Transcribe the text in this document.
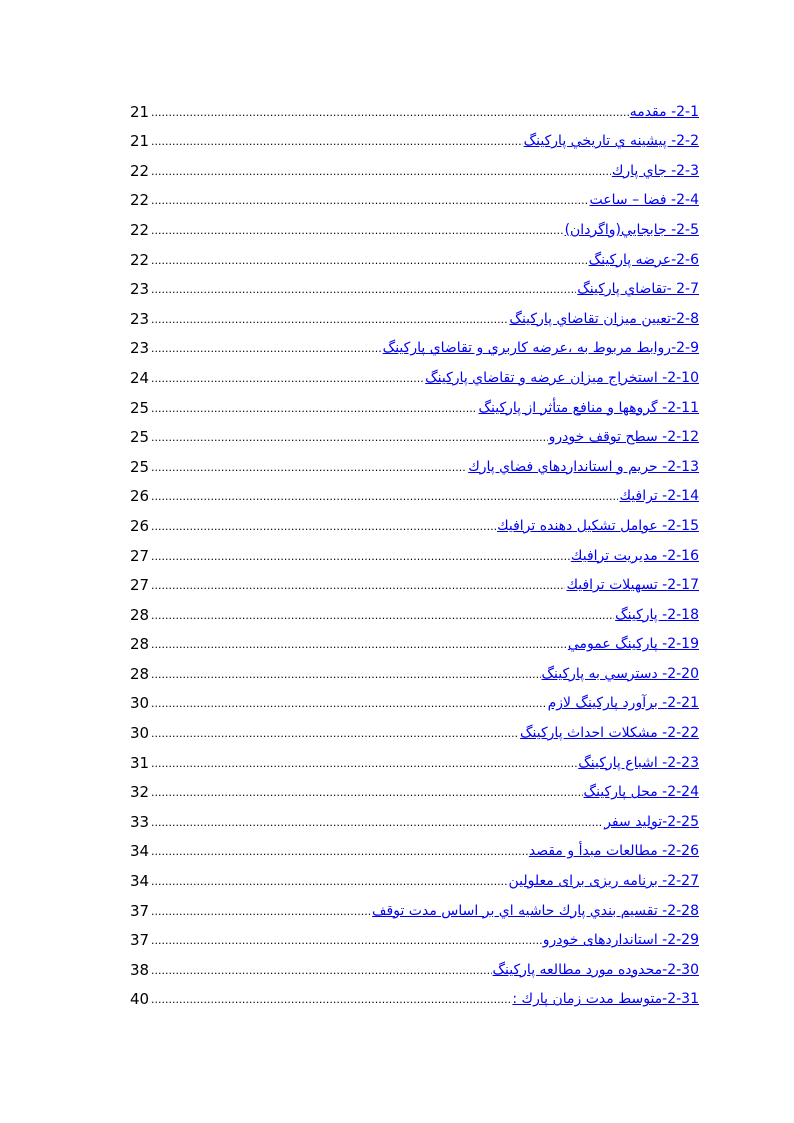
21 .....	2-1- مقدمه
21 .....	2-2- پيشينه ي تاريخي پاركينگ
22 .....	2-3- جاي پارك
22 .....	2-4- فضا – ساعت
22 .....	2-5- جابجايي(واگردان)
22 .....	2-6-عرضه پاركينگ
23 .....	2-7 -تقاضاي پاركينگ
23 .....	2-8-تعيين ميزان تقاضاي پاركينگ
23 .....	2-9-روابط مربوط به ،عرضه كاربري و تقاضاي پاركينگ
24 .....	2-10- استخراج ميزان عرضه و تقاضاي پاركينگ
25 .....	2-11- گروهها و منافع متأثر از پاركينگ
25 .....	2-12- سطح توقف خودرو
25 .....	2-13- حريم و استانداردهاي فضاي پارك
26 .....	2-14- ترافيك
26 .....	2-15- عوامل تشكيل دهنده ترافيك
27 .....	2-16- مديريت ترافيك
27 .....	2-17- تسهيلات ترافيك
28 .....	2-18- پاركينگ
28 .....	2-19- پاركينگ عمومي
28 .....	2-20- دسترسي به پاركينگ
30 .....	2-21- برآورد پاركينگ لازم
30 .....	2-22- مشكلات احداث پاركينگ
31 .....	2-23- اشباع پاركينگ
32 .....	2-24- محل پاركينگ
33 .....	2-25-توليد سفر
34 .....	2-26- مطالعات مبدأ و مقصد
34 .....	2-27- برنامه ريزی برای معلولين
37 .....	2-28- تقسيم بندي پارك حاشيه اي بر اساس مدت توقف
37 .....	2-29- استانداردهای خودرو
38 .....	2-30-محدوده مورد مطالعه پاركينگ
40 .....	2-31-متوسط مدت زمان پارك :
